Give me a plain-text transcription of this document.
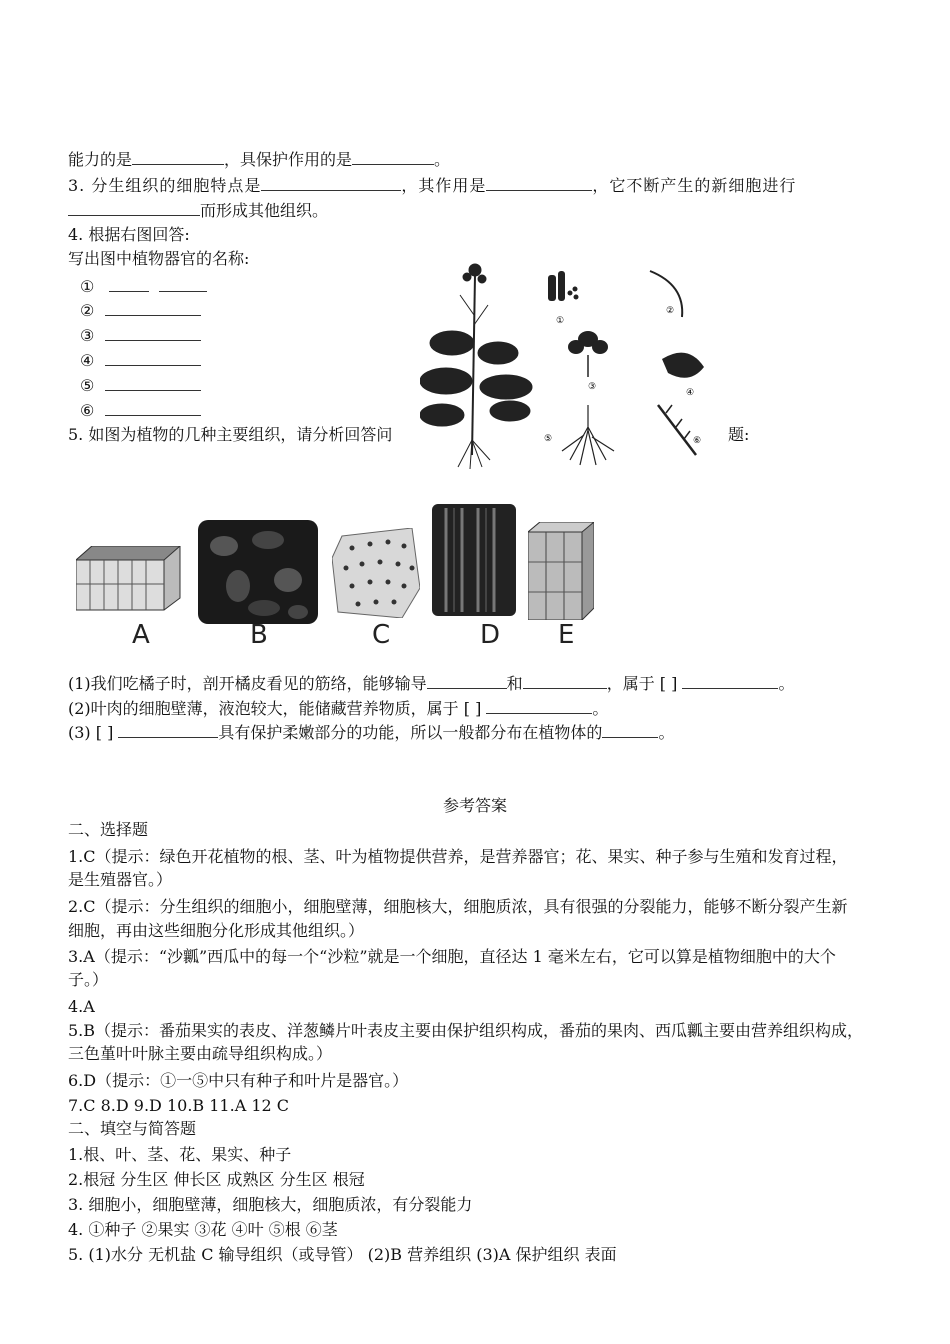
能力的是	，具保护作用的是	。
3. 分生组织的细胞特点是	，其作用是	，它不断产生的新细胞进行
而形成其他组织。
4. 根据右图回答:
写出图中植物器官的名称:
①
②
③
④
⑤
⑥
5. 如图为植物的几种主要组织，请分析回答问	题:
①
②
③
④
⑤	⑥
A	B	C	D E
(1)我们吃橘子时，剖开橘皮看见的筋络，能够输导	和	，属于 [ ]	。
(2)叶肉的细胞壁薄，液泡较大，能储藏营养物质，属于 [ ]	。
(3) [ ]	具有保护柔嫩部分的功能，所以一般都分布在植物体的	。
参考答案
二、选择题
1.C（提示：绿色开花植物的根、茎、叶为植物提供营养，是营养器官；花、果实、种子参与生殖和发育过程，
是生殖器官。）
2.C（提示：分生组织的细胞小，细胞壁薄，细胞核大，细胞质浓，具有很强的分裂能力，能够不断分裂产生新
细胞，再由这些细胞分化形成其他组织。）
3.A（提示：“沙瓤”西瓜中的每一个“沙粒”就是一个细胞，直径达 1 毫米左右，它可以算是植物细胞中的大个
子。）
4.A
5.B（提示：番茄果实的表皮、洋葱鳞片叶表皮主要由保护组织构成，番茄的果肉、西瓜瓤主要由营养组织构成，
三色堇叶叶脉主要由疏导组织构成。）
6.D（提示：①一⑤中只有种子和叶片是器官。）
7.C 8.D 9.D 10.B 11.A 12 C
二、填空与简答题
1.根、叶、茎、花、果实、种子
2.根冠 分生区 伸长区 成熟区 分生区 根冠
3. 细胞小，细胞壁薄，细胞核大，细胞质浓，有分裂能力
4. ①种子 ②果实 ③花 ④叶 ⑤根 ⑥茎
5. (1)水分 无机盐 C 输导组织（或导管） (2)B 营养组织 (3)A 保护组织 表面
